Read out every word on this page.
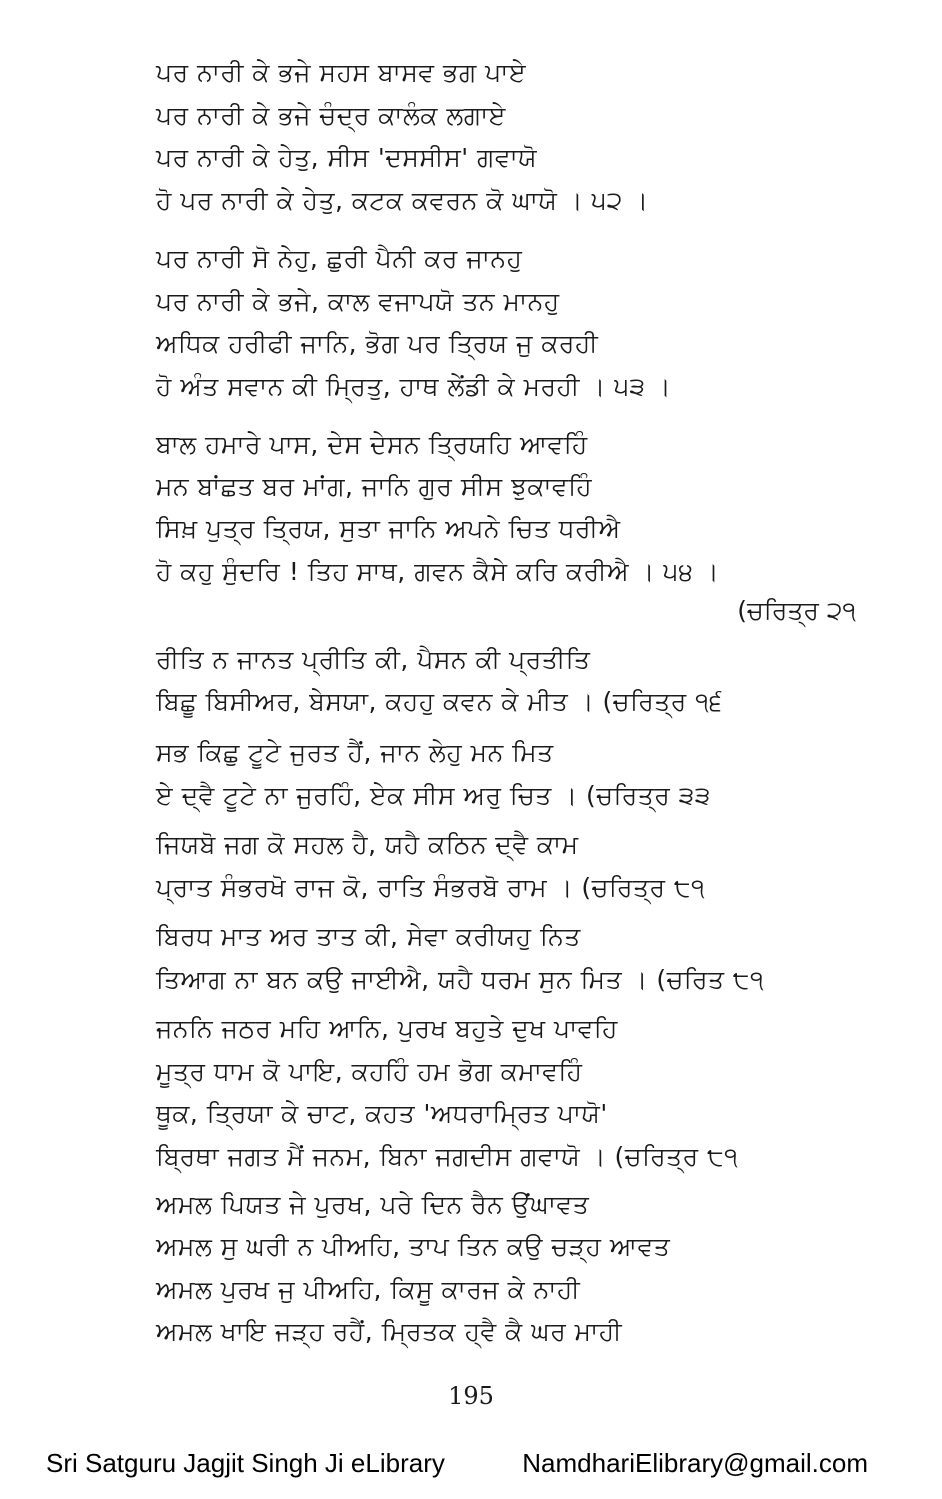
ਪਰ ਨਾਰੀ ਕੇ ਭਜੇ ਸਹਸ ਬਾਸਵ ਭਗ ਪਾਏ
ਪਰ ਨਾਰੀ ਕੇ ਭਜੇ ਚੰਦ੍ਰ ਕਾਲੰਕ ਲਗਾਏ
ਪਰ ਨਾਰੀ ਕੇ ਹੇਤੁ, ਸੀਸ 'ਦਸਸੀਸ' ਗਵਾਯੋ
ਹੋ ਪਰ ਨਾਰੀ ਕੇ ਹੇਤੁ, ਕਟਕ ਕਵਰਨ ਕੋ ਘਾਯੋ । ੫੨ ।
ਪਰ ਨਾਰੀ ਸੋ ਨੇਹੁ, ਛੁਰੀ ਪੈਨੀ ਕਰ ਜਾਨਹੁ
ਪਰ ਨਾਰੀ ਕੇ ਭਜੇ, ਕਾਲ ਵਜਾਪਯੋ ਤਨ ਮਾਨਹੁ
ਅਧਿਕ ਹਰੀਫੀ ਜਾਨਿ, ਭੋਗ ਪਰ ਤ੍ਰਿਯ ਜੁ ਕਰਹੀ
ਹੋ ਅੰਤ ਸਵਾਨ ਕੀ ਮ੍ਰਿਤੁ, ਹਾਥ ਲੇਂਡੀ ਕੇ ਮਰਹੀ । ੫੩ ।
ਬਾਲ ਹਮਾਰੇ ਪਾਸ, ਦੇਸ ਦੇਸਨ ਤ੍ਰਿਯਹਿ ਆਵਹਿੰ
ਮਨ ਬਾਂਛਤ ਬਰ ਮਾਂਗ, ਜਾਨਿ ਗੁਰ ਸੀਸ ਝੁਕਾਵਹਿੰ
ਸਿਖ਼ ਪੁਤ੍ਰ ਤ੍ਰਿਯ, ਸੁਤਾ ਜਾਨਿ ਅਪਨੇ ਚਿਤ ਧਰੀਐ
ਹੋ ਕਹੁ ਸੁੰਦਰਿ ! ਤਿਹ ਸਾਥ, ਗਵਨ ਕੈਸੇ ਕਰਿ ਕਰੀਐ । ੫੪ ।
(ਚਰਿਤ੍ਰ ੨੧
ਰੀਤਿ ਨ ਜਾਨਤ ਪ੍ਰੀਤਿ ਕੀ, ਪੈਸਨ ਕੀ ਪ੍ਰਤੀਤਿ
ਬਿਛੂ ਬਿਸੀਅਰ, ਬੇਸਯਾ, ਕਹਹੁ ਕਵਨ ਕੇ ਮੀਤ । (ਚਰਿਤ੍ਰ ੧੬
ਸਭ ਕਿਛੁ ਟੂਟੇ ਜੁਰਤ ਹੈਂ, ਜਾਨ ਲੇਹੁ ਮਨ ਮਿਤ
ਏ ਦ੍ਵੈ ਟੂਟੇ ਨਾ ਜੁਰਹਿੰ, ਏਕ ਸੀਸ ਅਰੁ ਚਿਤ । (ਚਰਿਤ੍ਰ ੩੩
ਜਿਯਬੋ ਜਗ ਕੋ ਸਹਲ ਹੈ, ਯਹੈ ਕਠਿਨ ਦ੍ਵੈ ਕਾਮ
ਪ੍ਰਾਤ ਸੰਭਰਖੋ ਰਾਜ ਕੋ, ਰਾਤਿ ਸੰਭਰਬੋ ਰਾਮ । (ਚਰਿਤ੍ਰ ੮੧
ਬਿਰਧ ਮਾਤ ਅਰ ਤਾਤ ਕੀ, ਸੇਵਾ ਕਰੀਯਹੁ ਨਿਤ
ਤਿਆਗ ਨਾ ਬਨ ਕਉ ਜਾਈਐ, ਯਹੈ ਧਰਮ ਸੁਨ ਮਿਤ । (ਚਰਿਤ ੮੧
ਜਨਨਿ ਜਠਰ ਮਹਿ ਆਨਿ, ਪੁਰਖ ਬਹੁਤੇ ਦੁਖ ਪਾਵਹਿ
ਮੂਤ੍ਰ ਧਾਮ ਕੋ ਪਾਇ, ਕਹਹਿੰ ਹਮ ਭੋਗ ਕਮਾਵਹਿੰ
ਥੂਕ, ਤ੍ਰਿਯਾ ਕੇ ਚਾਟ, ਕਹਤ 'ਅਧਰਾਮ੍ਰਿਤ ਪਾਯੋ'
ਬ੍ਰਿਥਾ ਜਗਤ ਮੈਂ ਜਨਮ, ਬਿਨਾ ਜਗਦੀਸ ਗਵਾਯੋ । (ਚਰਿਤ੍ਰ ੮੧
ਅਮਲ ਪਿਯਤ ਜੇ ਪੁਰਖ, ਪਰੇ ਦਿਨ ਰੈਨ ਉਂਘਾਵਤ
ਅਮਲ ਸੁ ਘਰੀ ਨ ਪੀਅਹਿ, ਤਾਪ ਤਿਨ ਕਉ ਚੜ੍ਹ ਆਵਤ
ਅਮਲ ਪੁਰਖ ਜੁ ਪੀਅਹਿ, ਕਿਸੂ ਕਾਰਜ ਕੇ ਨਾਹੀ
ਅਮਲ ਖਾਇ ਜੜ੍ਹ ਰਹੈਂ, ਮ੍ਰਿਤਕ ਹ੍ਵੈ ਕੈ ਘਰ ਮਾਹੀ
195
Sri Satguru Jagjit Singh Ji eLibrary	NamdhariElibrary@gmail.com
